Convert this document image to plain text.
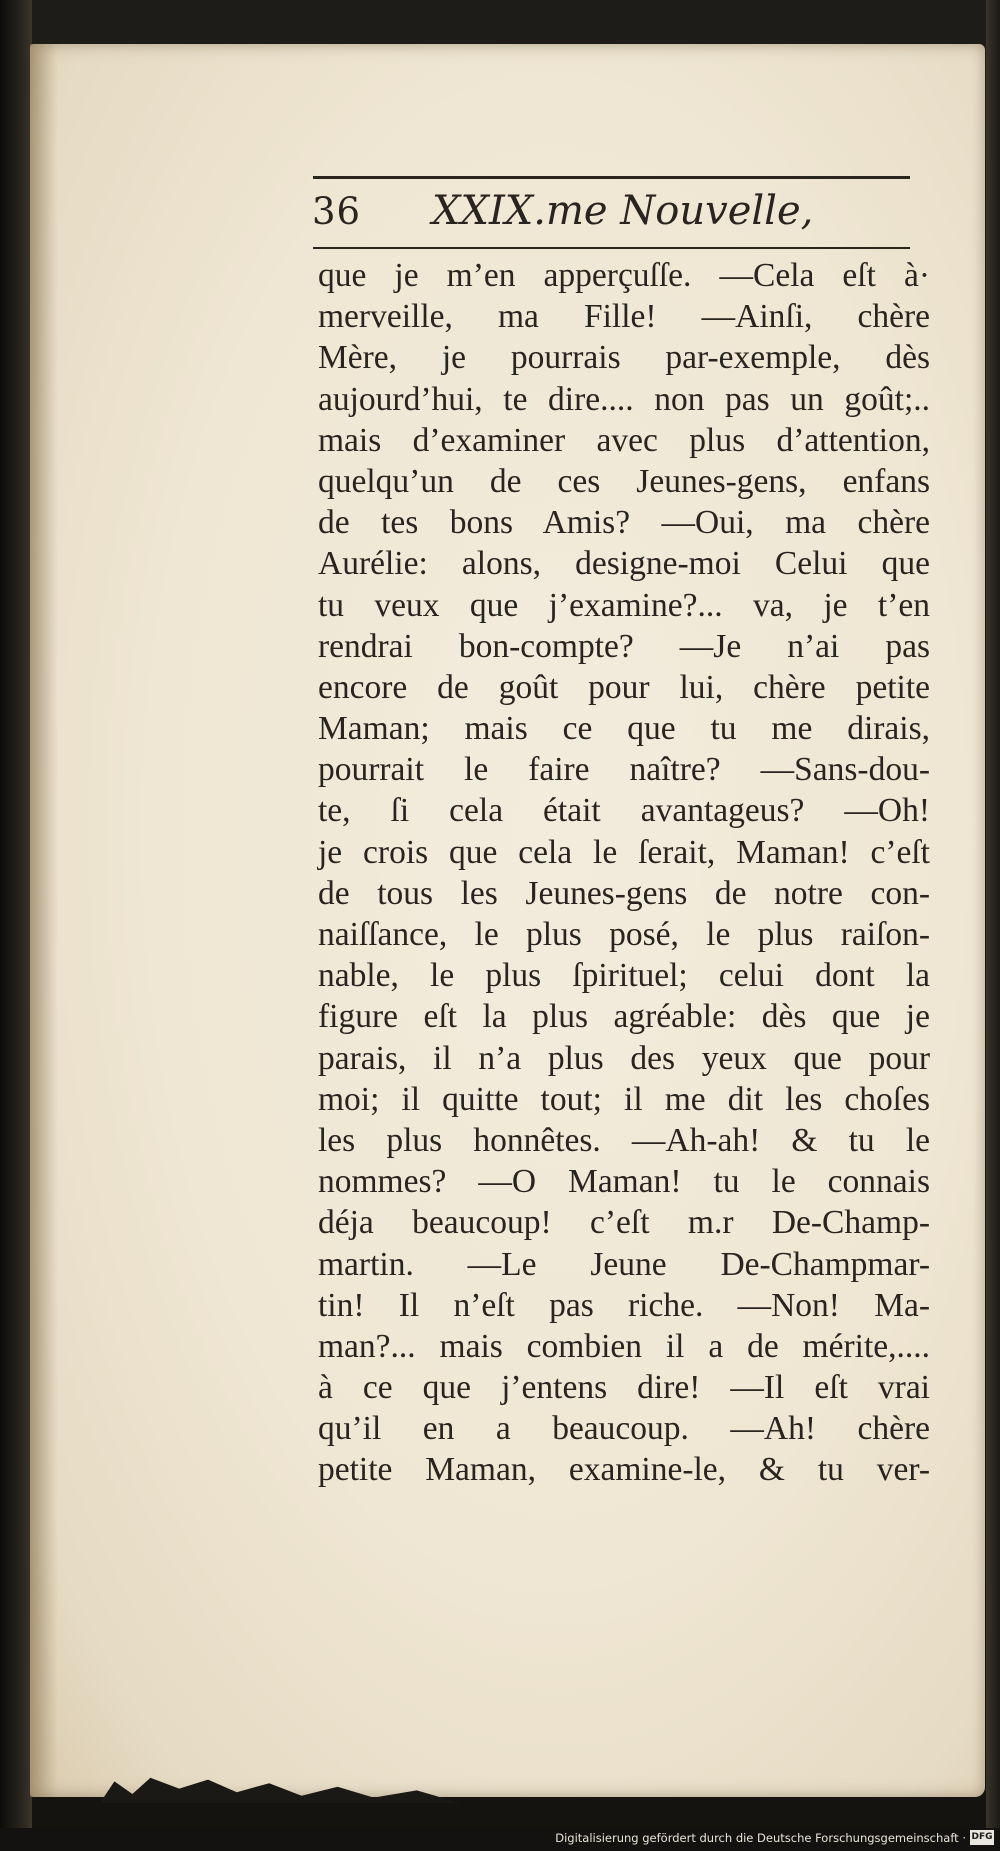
36 XXIX.me Nouvelle,
que je m’en apperçuſſe. —Cela eſt à·
merveille, ma Fille! —Ainſi, chère
Mère, je pourrais par-exemple, dès
aujourd’hui, te dire.... non pas un goût;..
mais d’examiner avec plus d’attention,
quelqu’un de ces Jeunes-gens, enfans
de tes bons Amis? —Oui, ma chère
Aurélie: alons, designe-moi Celui que
tu veux que j’examine?... va, je t’en
rendrai bon-compte? —Je n’ai pas
encore de goût pour lui, chère petite
Maman; mais ce que tu me dirais,
pourrait le faire naître? —Sans-dou-
te, ſi cela était avantageus? —Oh!
je crois que cela le ſerait, Maman! c’eſt
de tous les Jeunes-gens de notre con-
naiſſance, le plus posé, le plus raiſon-
nable, le plus ſpirituel; celui dont la
figure eſt la plus agréable: dès que je
parais, il n’a plus des yeux que pour
moi; il quitte tout; il me dit les choſes
les plus honnêtes. —Ah-ah! & tu le
nommes? —O Maman! tu le connais
déja beaucoup! c’eſt m.r De-Champ-
martin. —Le Jeune De-Champmar-
tin! Il n’eſt pas riche. —Non! Ma-
man?... mais combien il a de mérite,....
à ce que j’entens dire! —Il eſt vrai
qu’il en a beaucoup. —Ah! chère
petite Maman, examine-le, & tu ver-
Digitalisierung gefördert durch die Deutsche Forschungsgemeinschaft · DFG
